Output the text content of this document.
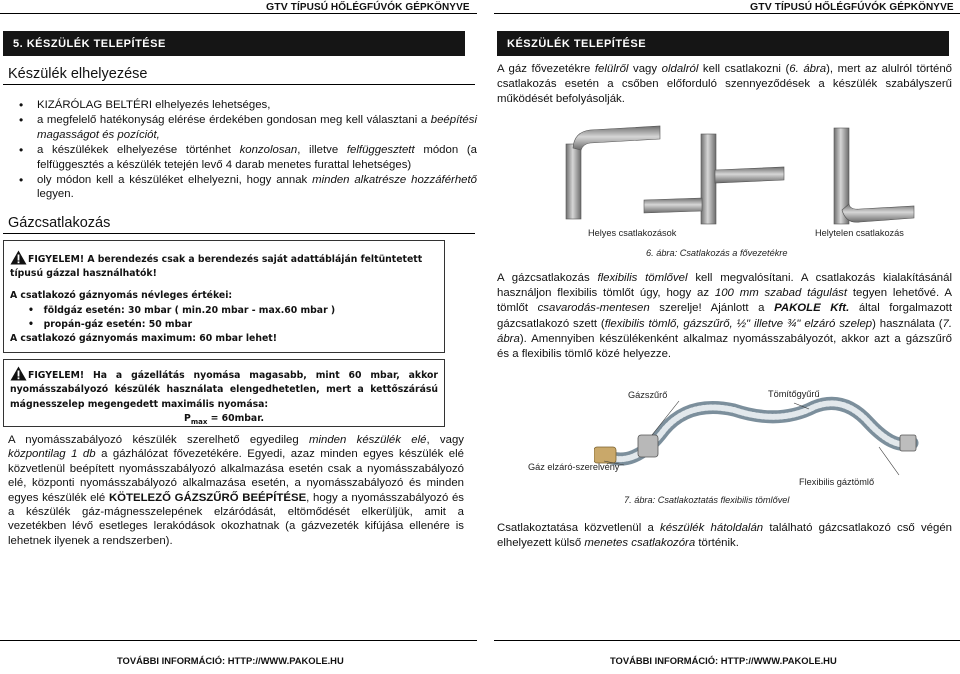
GTV TÍPUSÚ HŐLÉGFÚVÓK GÉPKÖNYVE
5. KÉSZÜLÉK TELEPÍTÉSE
Készülék elhelyezése
• KIZÁRÓLAG BELTÉRI elhelyezés lehetséges,
• a megfelelő hatékonyság elérése érdekében gondosan meg kell választani a beépítési magasságot és pozíciót,
• a készülékek elhelyezése történhet konzolosan, illetve felfüggesztett módon (a felfüggesztés a készülék tetején levő 4 darab menetes furattal lehetséges)
• oly módon kell a készüléket elhelyezni, hogy annak minden alkatrésze hozzáférhető legyen.
Gázcsatlakozás
FIGYELEM! A berendezés csak a berendezés saját adattábláján feltüntetett típusú gázzal használhatók!
A csatlakozó gáznyomás névleges értékei:
•   földgáz esetén: 30 mbar ( min.20 mbar - max.60 mbar )
•   propán-gáz esetén: 50 mbar
A csatlakozó gáznyomás maximum: 60 mbar lehet!
FIGYELEM! Ha a gázellátás nyomása magasabb, mint 60 mbar, akkor nyomásszabályozó készülék használata elengedhetetlen, mert a kettőszárású mágnesszelep megengedett maximális nyomása:
$P_{max}$ = 60mbar.
A nyomásszabályozó készülék szerelhető egyedileg minden készülék elé, vagy központilag 1 db a gázhálózat fővezetékére. Egyedi, azaz minden egyes készülék elé közvetlenül beépített nyomásszabályozó alkalmazása esetén csak a nyomásszabályozó elé, központi nyomásszabályozó alkalmazása esetén, a nyomásszabályozó és minden egyes készülék elé KÖTELEZŐ GÁZSZŰRŐ BEÉPÍTÉSE, hogy a nyomásszabályozó és a készülék gáz-mágnesszelepének elzáródását, eltömődését elkerüljük, amit a vezetékben lévő esetleges lerakódások okozhatnak (a gázvezeték kifújása ellenére is lehetnek ilyenek a rendszerben).
TOVÁBBI INFORMÁCIÓ: HTTP://WWW.PAKOLE.HU
GTV TÍPUSÚ HŐLÉGFÚVÓK GÉPKÖNYVE
KÉSZÜLÉK TELEPÍTÉSE
A gáz fővezetékre felülről vagy oldalról kell csatlakozni (6. ábra), mert az alulról történő csatlakozás esetén a csőben előforduló szennyeződések a készülék szabályszerű működését befolyásolják.
Helyes csatlakozások	Helytelen csatlakozás
6. ábra: Csatlakozás a fővezetékre
A gázcsatlakozás flexibilis tömlővel kell megvalósítani. A csatlakozás kialakításánál használjon flexibilis tömlőt úgy, hogy az 100 mm szabad tágulást tegyen lehetővé. A tömlőt csavarodás-mentesen szerelje! Ajánlott a PAKOLE Kft. által forgalmazott gázcsatlakozó szett (flexibilis tömlő, gázszűrő, ½" illetve ¾" elzáró szelep) használata (7. ábra). Amennyiben készülékenként alkalmaz nyomásszabályozót, akkor azt a gázszűrő és a flexibilis tömlő közé helyezze.
Gázszűrő	Tömítőgyűrű
Gáz elzáró-szerelvény
Flexibilis gáztömlő
7. ábra: Csatlakoztatás flexibilis tömlővel
Csatlakoztatása közvetlenül a készülék hátoldalán található gázcsatlakozó cső végén elhelyezett külső menetes csatlakozóra történik.
TOVÁBBI INFORMÁCIÓ: HTTP://WWW.PAKOLE.HU
